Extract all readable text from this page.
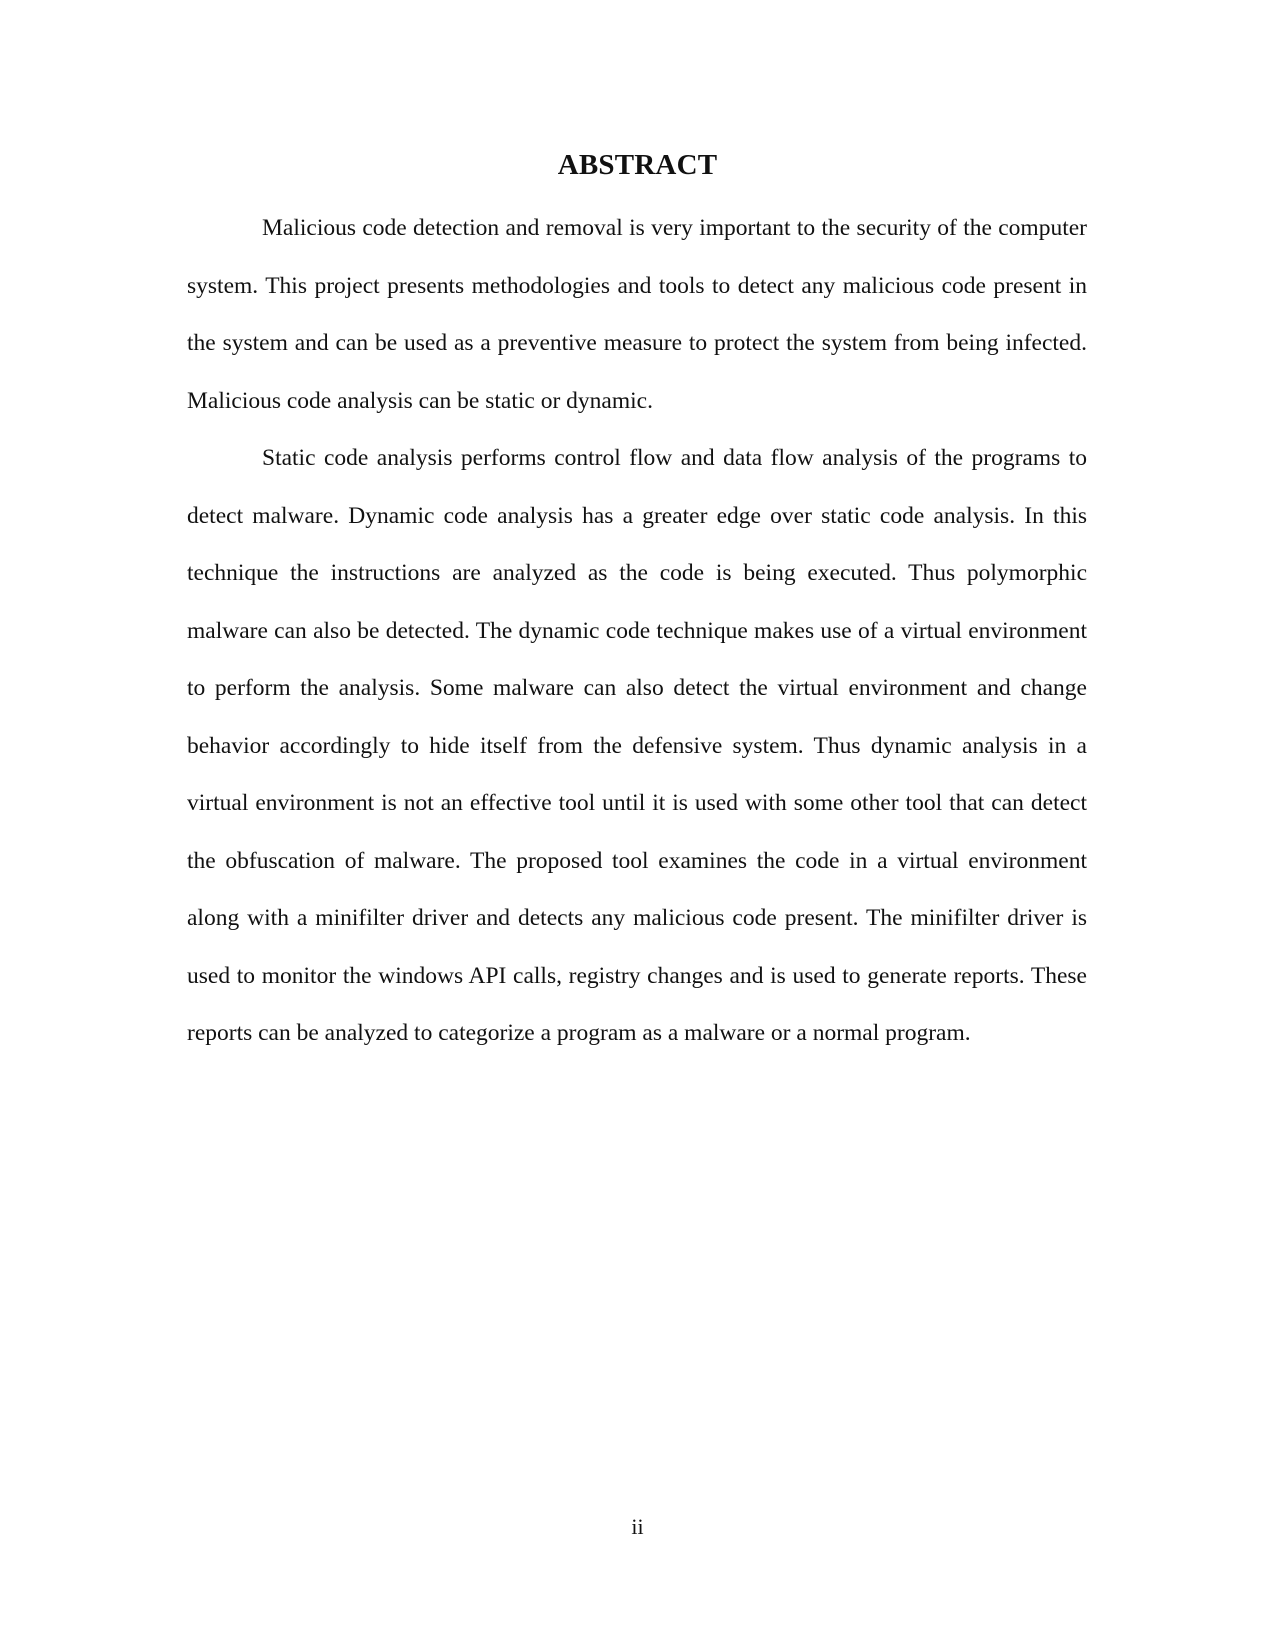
ABSTRACT

Malicious code detection and removal is very important to the security of the computer system. This project presents methodologies and tools to detect any malicious code present in the system and can be used as a preventive measure to protect the system from being infected. Malicious code analysis can be static or dynamic.

Static code analysis performs control flow and data flow analysis of the programs to detect malware. Dynamic code analysis has a greater edge over static code analysis. In this technique the instructions are analyzed as the code is being executed. Thus polymorphic malware can also be detected. The dynamic code technique makes use of a virtual environment to perform the analysis. Some malware can also detect the virtual environment and change behavior accordingly to hide itself from the defensive system. Thus dynamic analysis in a virtual environment is not an effective tool until it is used with some other tool that can detect the obfuscation of malware. The proposed tool examines the code in a virtual environment along with a minifilter driver and detects any malicious code present. The minifilter driver is used to monitor the windows API calls, registry changes and is used to generate reports. These reports can be analyzed to categorize a program as a malware or a normal program.

ii
